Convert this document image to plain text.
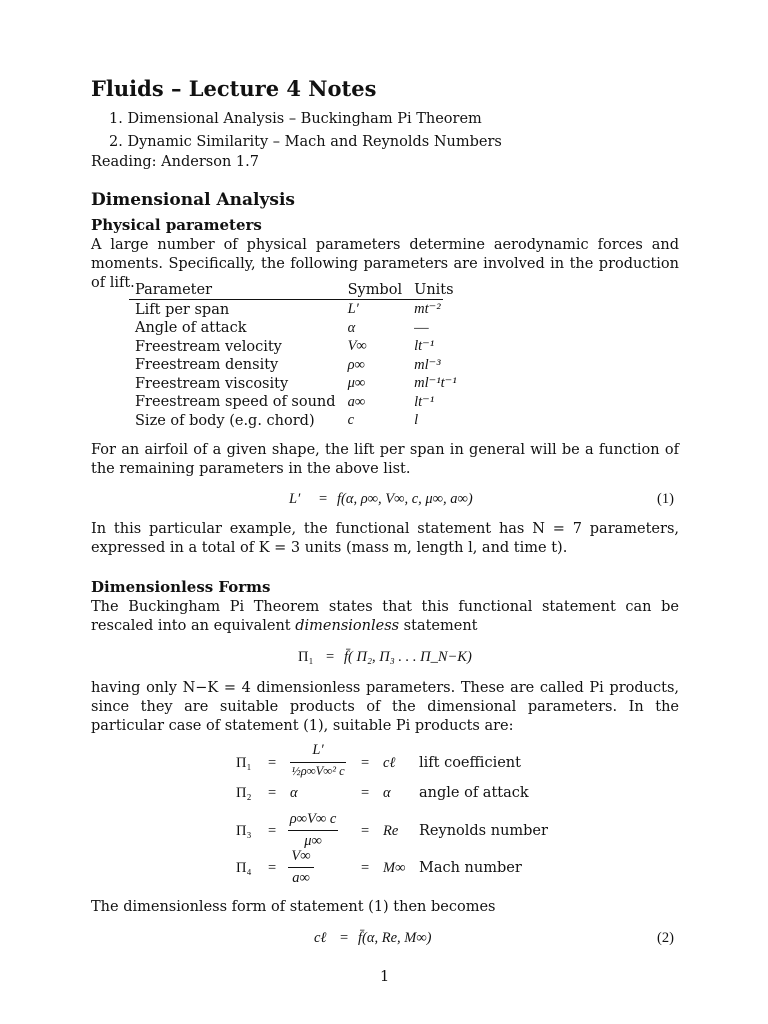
Fluids – Lecture 4 Notes
1. Dimensional Analysis – Buckingham Pi Theorem
2. Dynamic Similarity – Mach and Reynolds Numbers
Reading: Anderson 1.7
Dimensional Analysis
Physical parameters
A large number of physical parameters determine aerodynamic forces and moments. Specifically, the following parameters are involved in the production of lift. Parameter	Symbol	Units
Lift per span	L′	mt⁻²
Angle of attack	α	—
Freestream velocity	V∞	lt⁻¹
Freestream density	ρ∞	ml⁻³
Freestream viscosity	μ∞	ml⁻¹t⁻¹
Freestream speed of sound	a∞	lt⁻¹
Size of body (e.g. chord)	c	l
For an airfoil of a given shape, the lift per span in general will be a function of the remaining parameters in the above list.
L′ = f(α, ρ∞, V∞, c, μ∞, a∞)	(1)
In this particular example, the functional statement has N = 7 parameters, expressed in a total of K = 3 units (mass m, length l, and time t).
Dimensionless Forms
The Buckingham Pi Theorem states that this functional statement can be rescaled into an equivalent dimensionless statement
Π₁ = f̄( Π₂, Π₃ . . . Π_N−K)
having only N−K = 4 dimensionless parameters. These are called Pi products, since they are suitable products of the dimensional parameters. In the particular case of statement (1), suitable Pi products are:
Π₁ =
L′
½ρ∞V∞² c	= cℓ lift coefficient
Π₂ = α	= α angle of attack
Π₃ =
ρ∞V∞ c
μ∞
= Re Reynolds number
Π₄ =
V∞
a∞
= M∞ Mach number
The dimensionless form of statement (1) then becomes
cℓ = f̄(α, Re, M∞)	(2)
1
